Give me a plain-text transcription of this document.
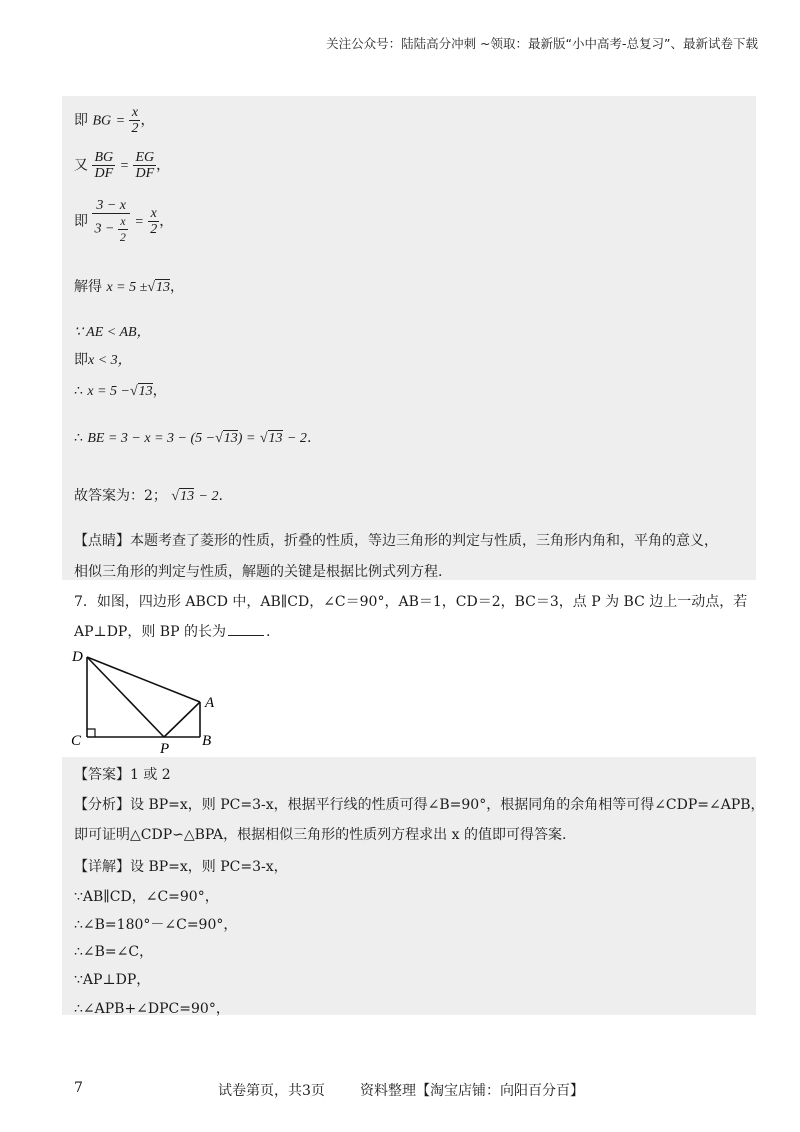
关注公众号：陆陆高分冲刺 ~领取：最新版“小中高考-总复习”、最新试卷下载
即 BG = $\frac{x}{2}$ ，
又 $\frac{BG}{DF} = \frac{EG}{DF}$ ，
即 $\frac{3 - x}{3 - \frac{x}{2}} = \frac{x}{2}$ ，
解得 x = 5 ±√13，
∵ AE < AB，
即x < 3，
∴ x = 5 −√13，
∴ BE = 3 − x = 3 − (5 −√13) = √13 − 2.
故答案为：2； √13 − 2.
【点睛】本题考查了菱形的性质，折叠的性质，等边三角形的判定与性质，三角形内角和，平角的意义，
相似三角形的判定与性质，解题的关键是根据比例式列方程.
7．如图，四边形 ABCD 中，AB∥CD，∠C＝90°，AB＝1，CD＝2，BC＝3，点 P 为 BC 边上一动点，若
AP⊥DP，则 BP 的长为	.
D
A
C	P B
【答案】1 或 2
【分析】设 BP=x，则 PC=3-x，根据平行线的性质可得∠B=90°，根据同角的余角相等可得∠CDP=∠APB，
即可证明△CDP∽△BPA，根据相似三角形的性质列方程求出 x 的值即可得答案.
【详解】设 BP=x，则 PC=3-x，
∵AB∥CD，∠C=90°，
∴∠B=180°－∠C=90°，
∴∠B=∠C，
∵AP⊥DP，
∴∠APB+∠DPC=90°，
7	试卷第页，共3页	资料整理【淘宝店铺：向阳百分百】
